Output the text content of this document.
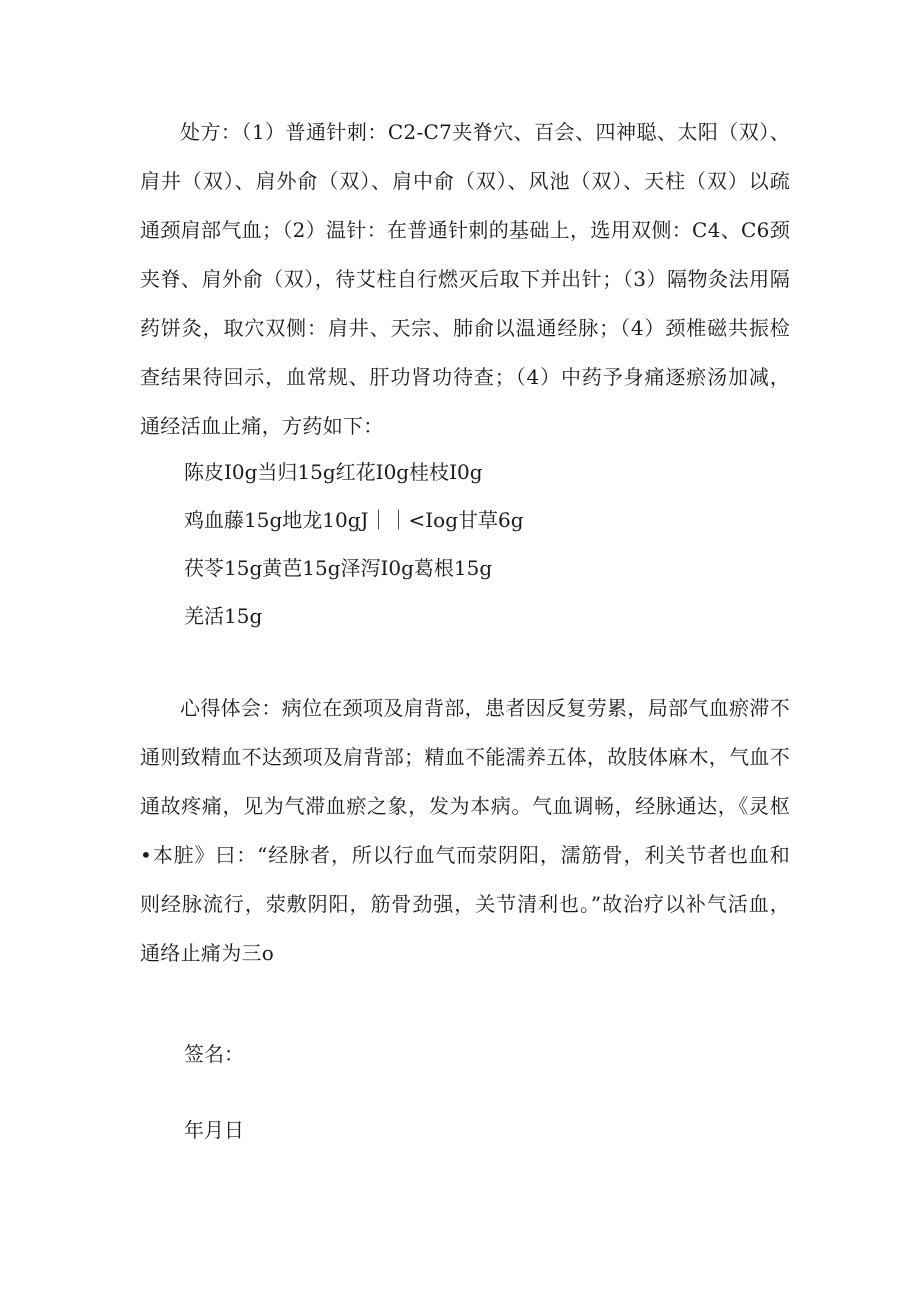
处方：（1）普通针刺：C2-C7夹脊穴、百会、四神聪、太阳（双）、肩井（双）、肩外俞（双）、肩中俞（双）、风池（双）、天柱（双）以疏通颈肩部气血；（2）温针：在普通针刺的基础上，选用双侧：C4、C6颈夹脊、肩外俞（双），待艾柱自行燃灭后取下并出针；（3）隔物灸法用隔药饼灸，取穴双侧：肩井、天宗、肺俞以温通经脉；（4）颈椎磁共振检查结果待回示，血常规、肝功肾功待查；（4）中药予身痛逐瘀汤加减，通经活血止痛，方药如下：

陈皮I0g当归15g红花I0g桂枝I0g

鸡血藤15g地龙10gJ｜｜<Iog甘草6g

茯苓15g黄芭15g泽泻I0g葛根15g

羌活15g

心得体会：病位在颈项及肩背部，患者因反复劳累，局部气血瘀滞不通则致精血不达颈项及肩背部；精血不能濡养五体，故肢体麻木，气血不通故疼痛，见为气滞血瘀之象，发为本病。气血调畅，经脉通达，《灵枢•本脏》曰：“经脉者，所以行血气而荥阴阳，濡筋骨，利关节者也血和则经脉流行，荥敷阴阳，筋骨劲强，关节清利也。”故治疗以补气活血，通络止痛为三o

签名：

年月日
